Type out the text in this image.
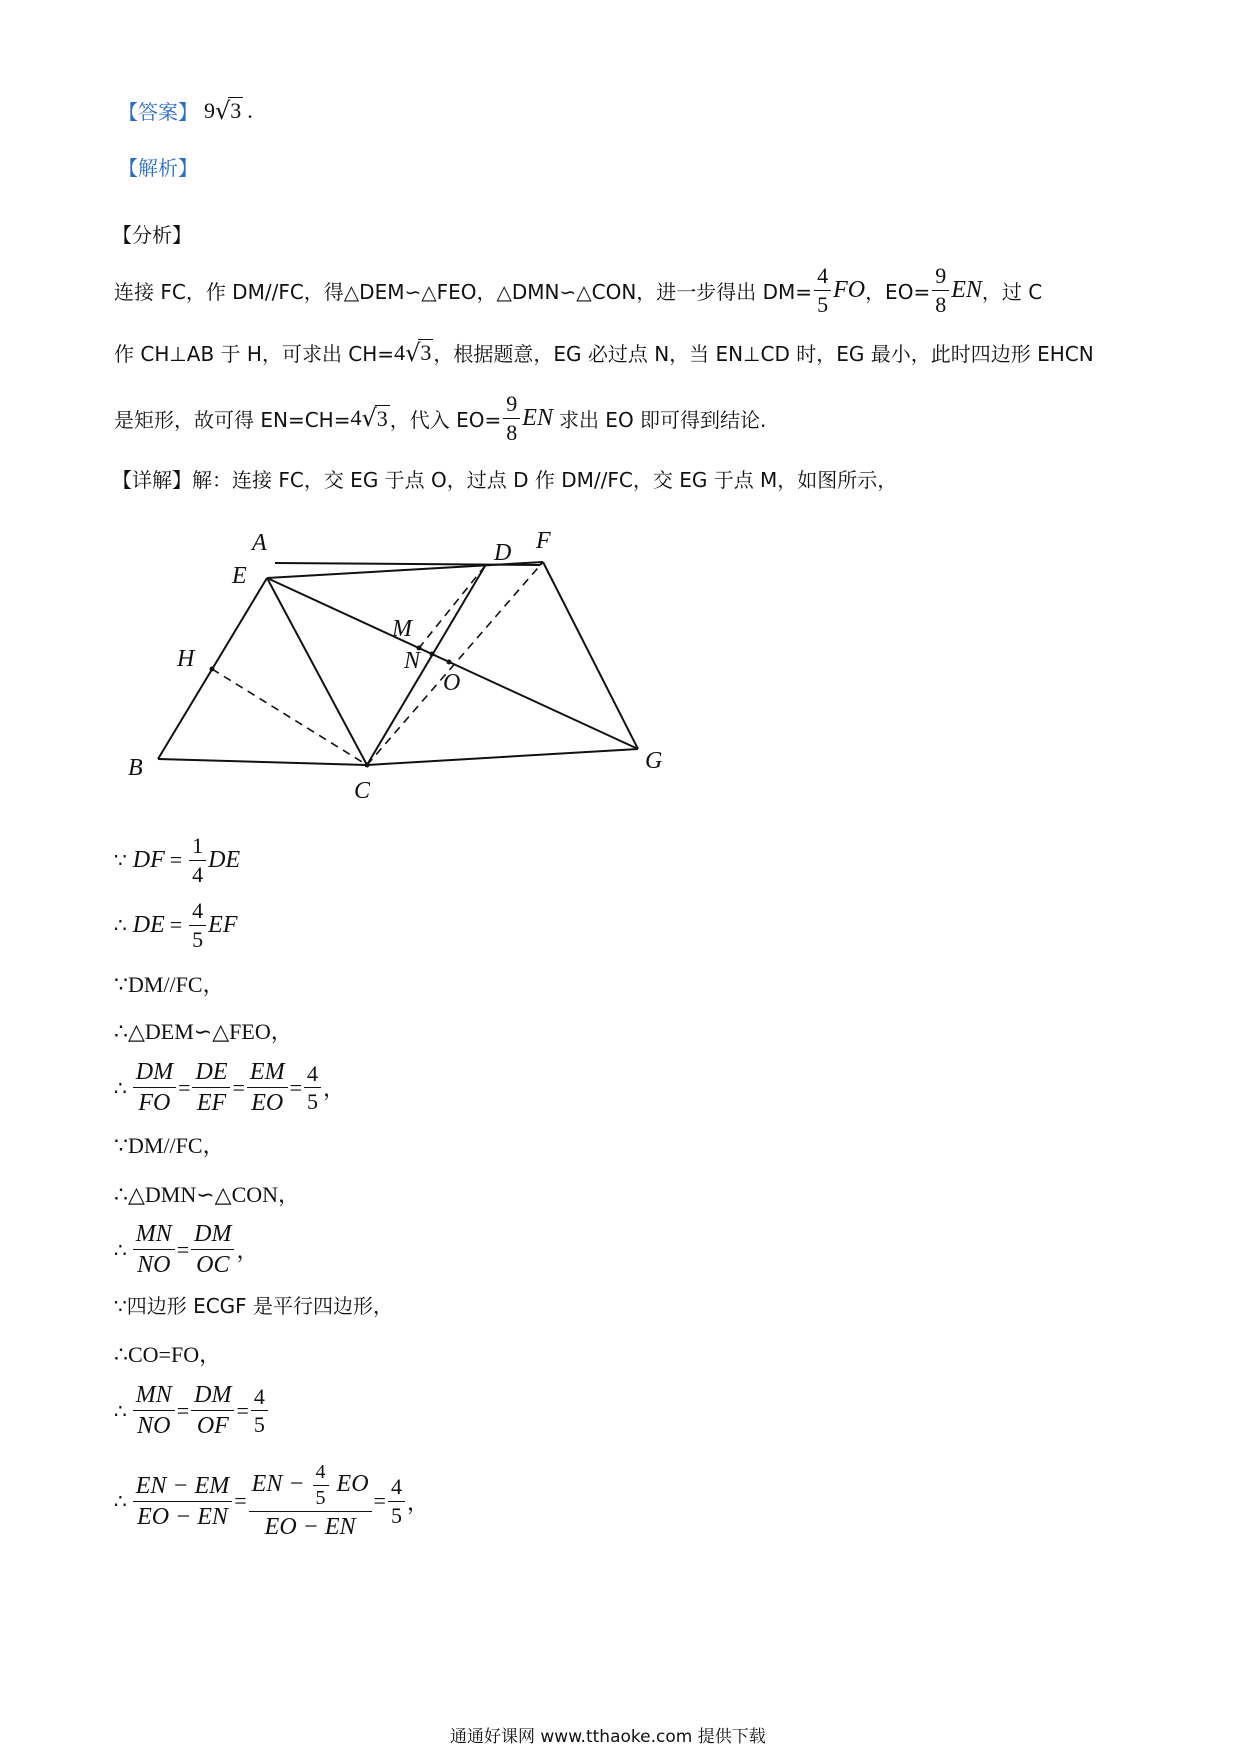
【答案】 9 √ 3 .
【解析】
【分析】
连接 FC，作 DM//FC，得△DEM∽△FEO，△DMN∽△CON，进一步得出 $DM= \frac{4}{5}$ FO ，$EO= \frac{9}{8}$ EN ，过 C
作 CH⊥AB 于 H，可求出 CH= 4 √ 3 ，根据题意，EG 必过点 N，当 EN⊥CD 时，EG 最小，此时四边形 EHCN
是矩形，故可得 EN=CH= 4 √ 3 ，代入 $EO= \frac{9}{8}$ EN 求出 EO 即可得到结论.
【详解】解：连接 FC，交 EG 于点 O，过点 D 作 DM//FC，交 EG 于点 M，如图所示，
A	D F
E
M
H	N
O
B
C
G
∵ DF = $\frac{1}{4}$ DE
∴ DE = $\frac{4}{5}$ EF
∵DM//FC，
∴△DEM∽△FEO，
∴ $\frac{DM}{FO} = \frac{DE}{EF} = \frac{EM}{EO} = \frac{4}{5}$ ，
∵DM//FC，
∴△DMN∽△CON，
∴ $\frac{MN}{NO} = \frac{DM}{OC}$ ，
∵四边形 ECGF 是平行四边形，
∴CO=FO，
∴ $\frac{MN}{NO} = \frac{DM}{OF} = \frac{4}{5}$
∴ $\frac{EN - EM}{EO - EN} = \frac{EN - \frac{4}{5} EO}{EO - EN} = \frac{4}{5}$ ，
通通好课网 www.tthaoke.com 提供下载
